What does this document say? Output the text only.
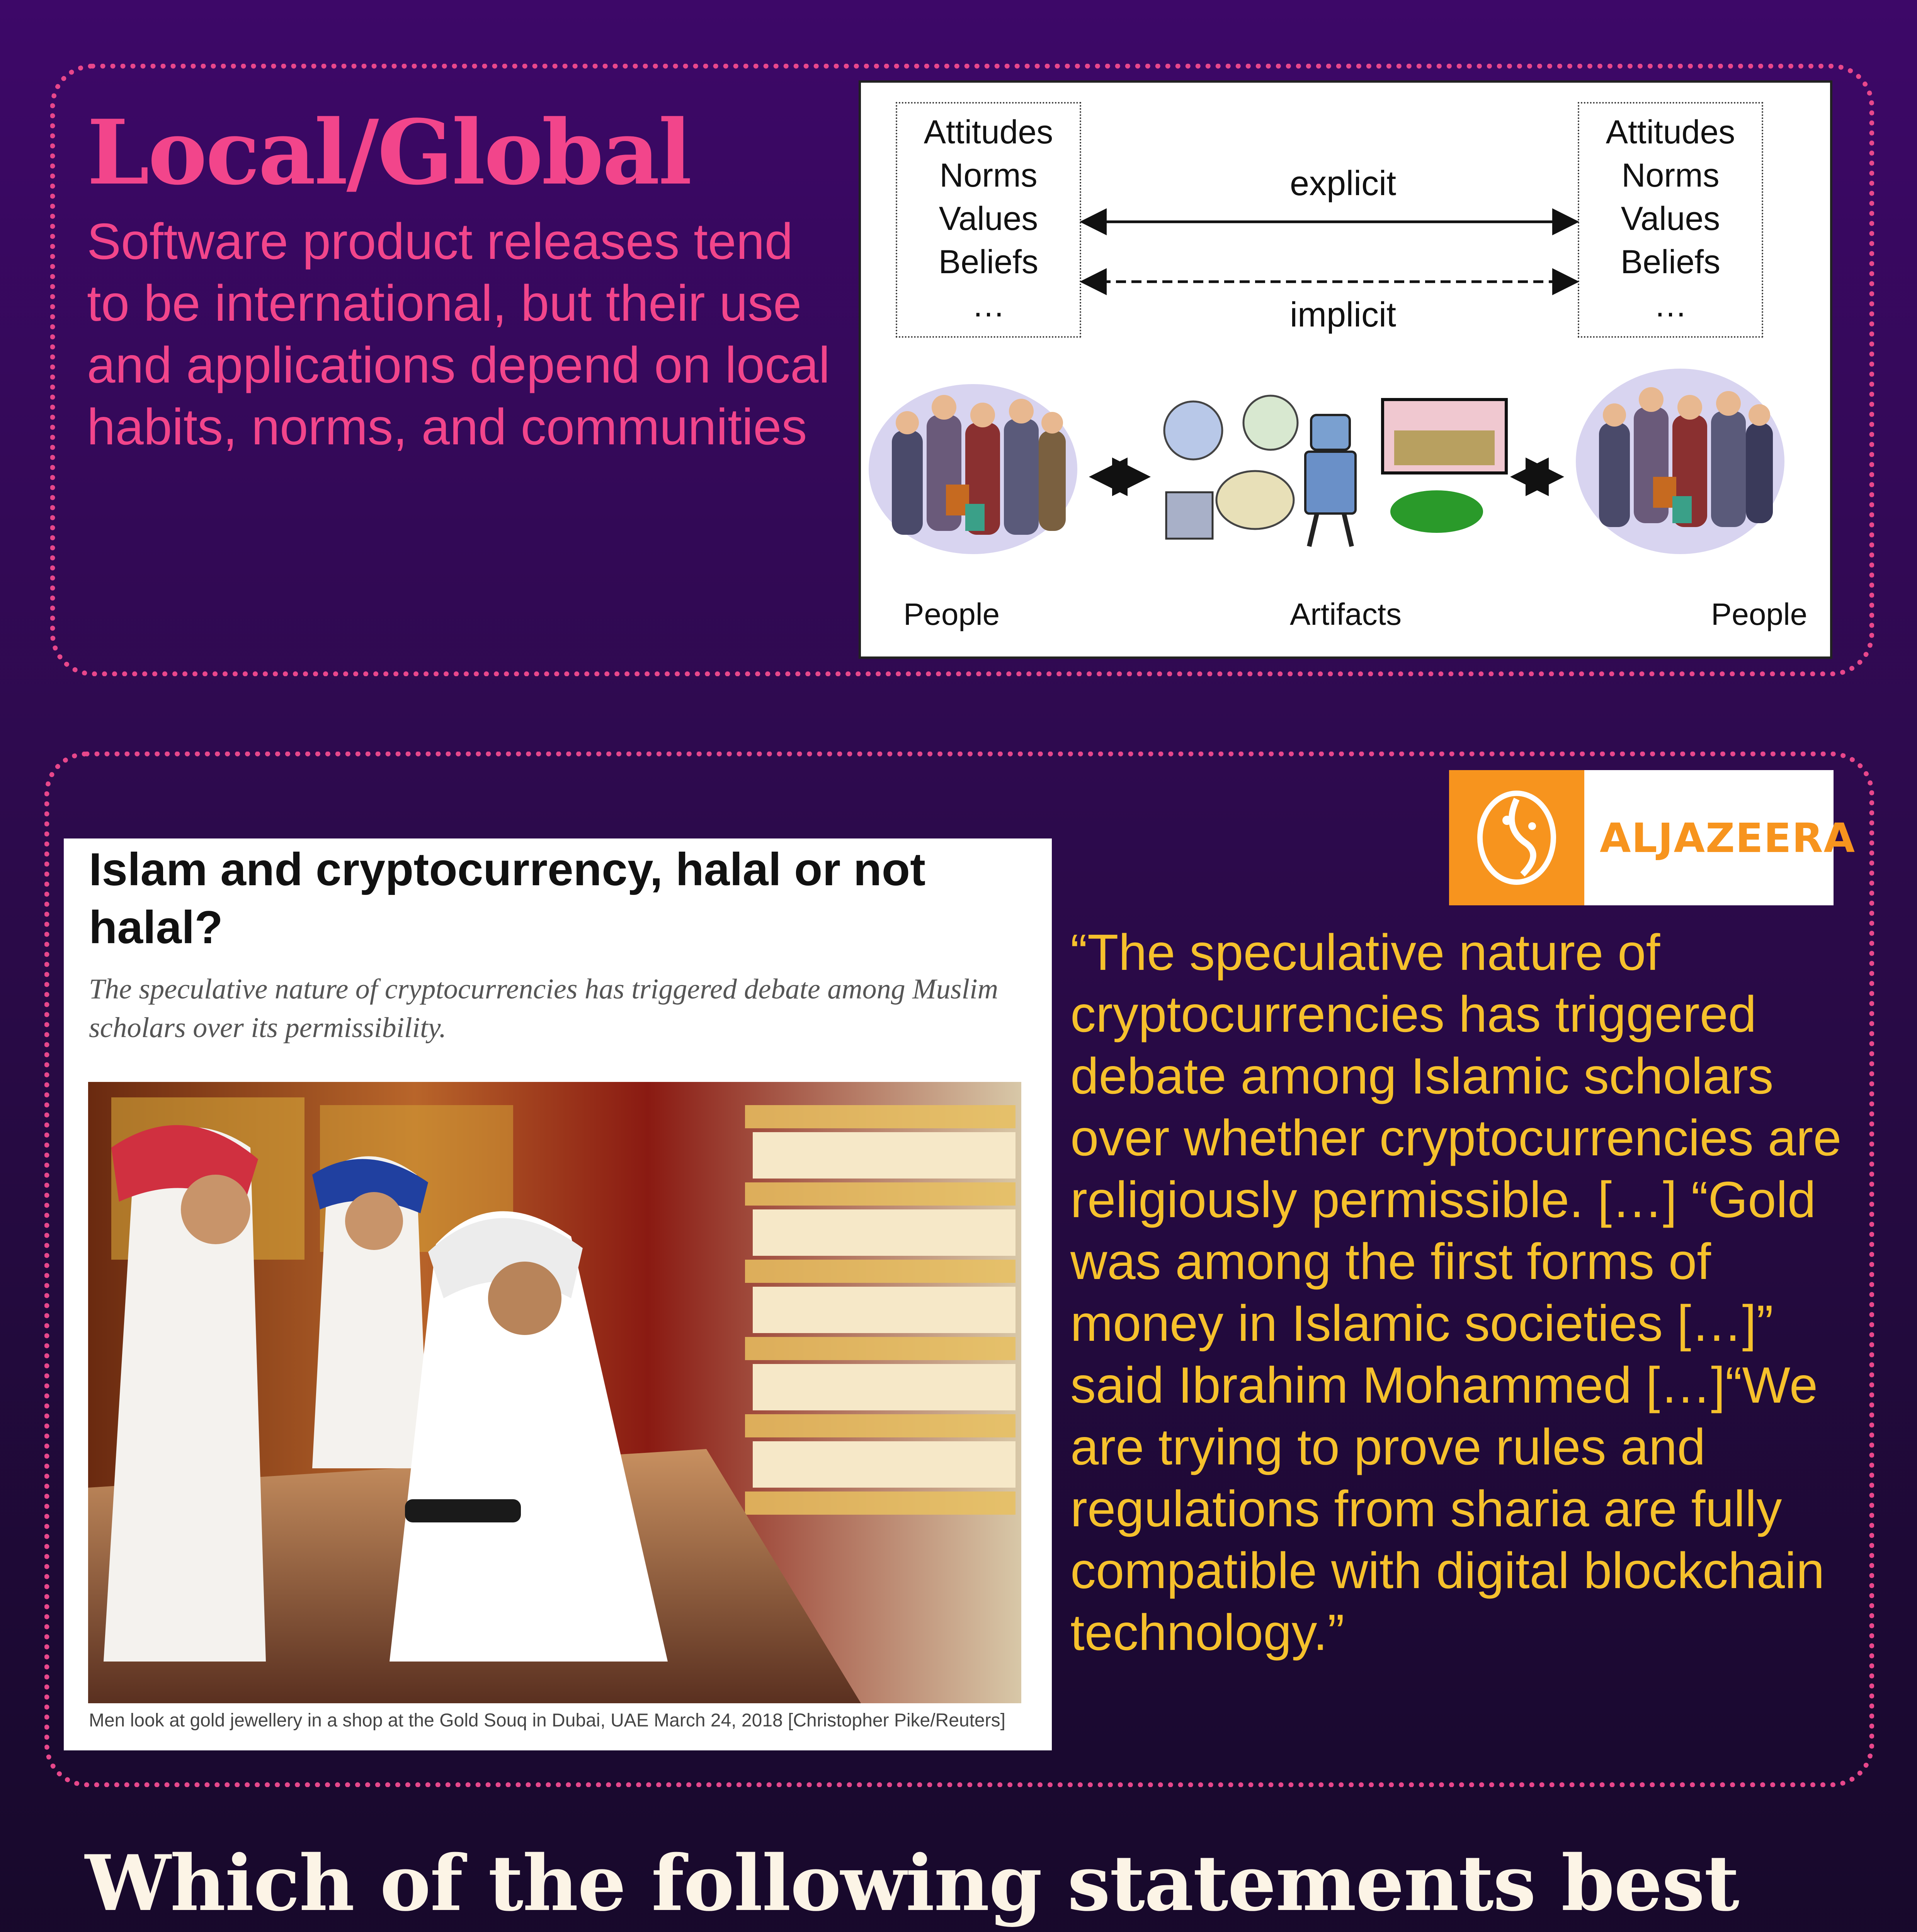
Local/Global
Software product releases tend to be international, but their use and applications depend on local habits, norms, and communities
Attitudes
Norms
Values
Beliefs
…
Attitudes
Norms
Values
Beliefs
…
explicit
implicit
People	Artifacts	People
Islam and cryptocurrency, halal or not halal?
The speculative nature of cryptocurrencies has triggered debate among Muslim scholars over its permissibility.
Men look at gold jewellery in a shop at the Gold Souq in Dubai, UAE March 24, 2018 [Christopher Pike/Reuters]
ALJAZEERA
“The speculative nature of cryptocurrencies has triggered debate among Islamic scholars over whether cryptocurrencies are religiously permissible. […] “Gold was among the first forms of money in Islamic societies […]” said Ibrahim Mohammed […]“We are trying to prove rules and regulations from sharia are fully compatible with digital blockchain technology.”
Which of the following statements best
